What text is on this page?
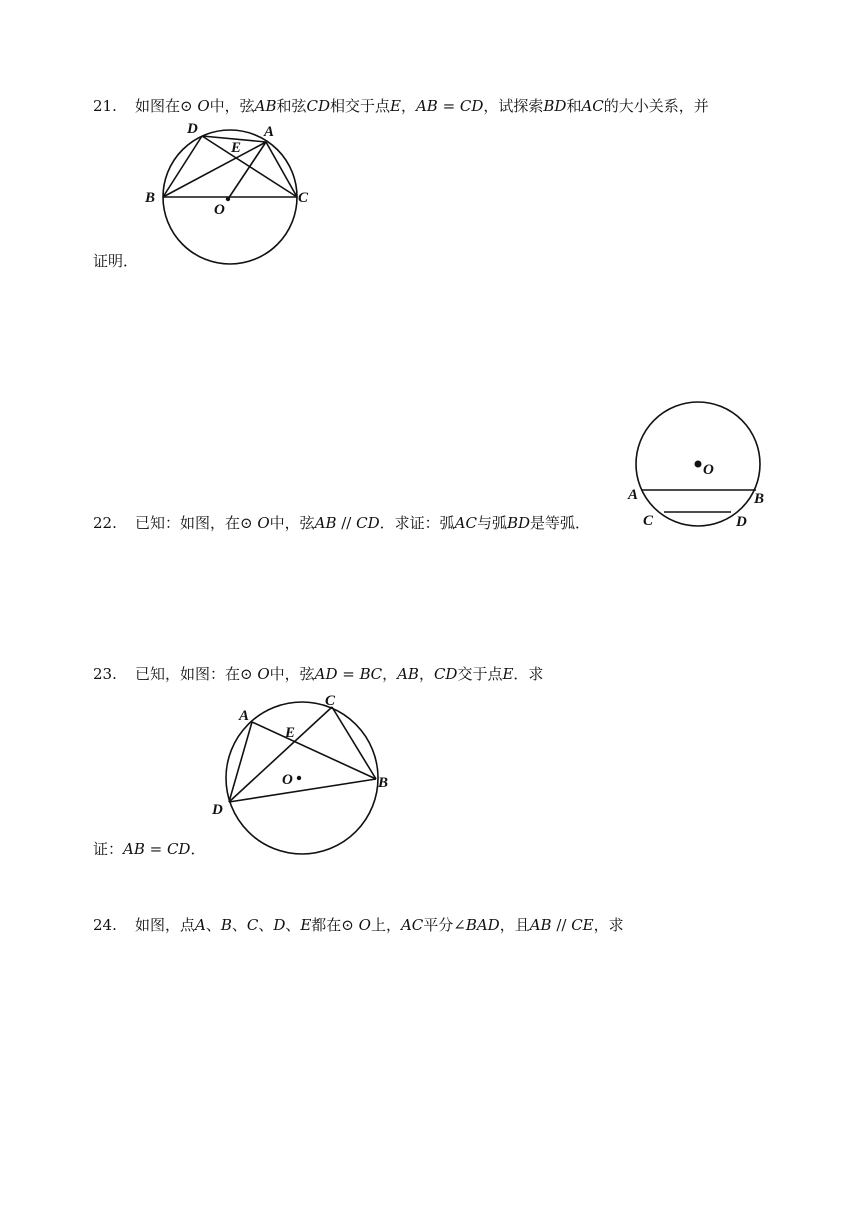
21. 如图在⊙ 𝑂中，弦𝐴𝐵和弦𝐶𝐷相交于点𝐸，𝐴𝐵 = 𝐶𝐷，试探索𝐵𝐷和𝐴𝐶的大小关系，并
D	A
E
B
O
C
证明．
22. 已知：如图，在⊙ 𝑂中，弦𝐴𝐵 // 𝐶𝐷．求证：弧𝐴𝐶与弧𝐵𝐷是等弧．
O
A	B
C	D
23. 已知，如图：在⊙ 𝑂中，弦𝐴𝐷 = 𝐵𝐶，𝐴𝐵，𝐶𝐷交于点𝐸．求
A
C
E
O	B
D
证：𝐴𝐵 = 𝐶𝐷．
24. 如图，点𝐴、𝐵、𝐶、𝐷、𝐸都在⊙ 𝑂上，𝐴𝐶平分∠𝐵𝐴𝐷，且𝐴𝐵 // 𝐶𝐸，求
